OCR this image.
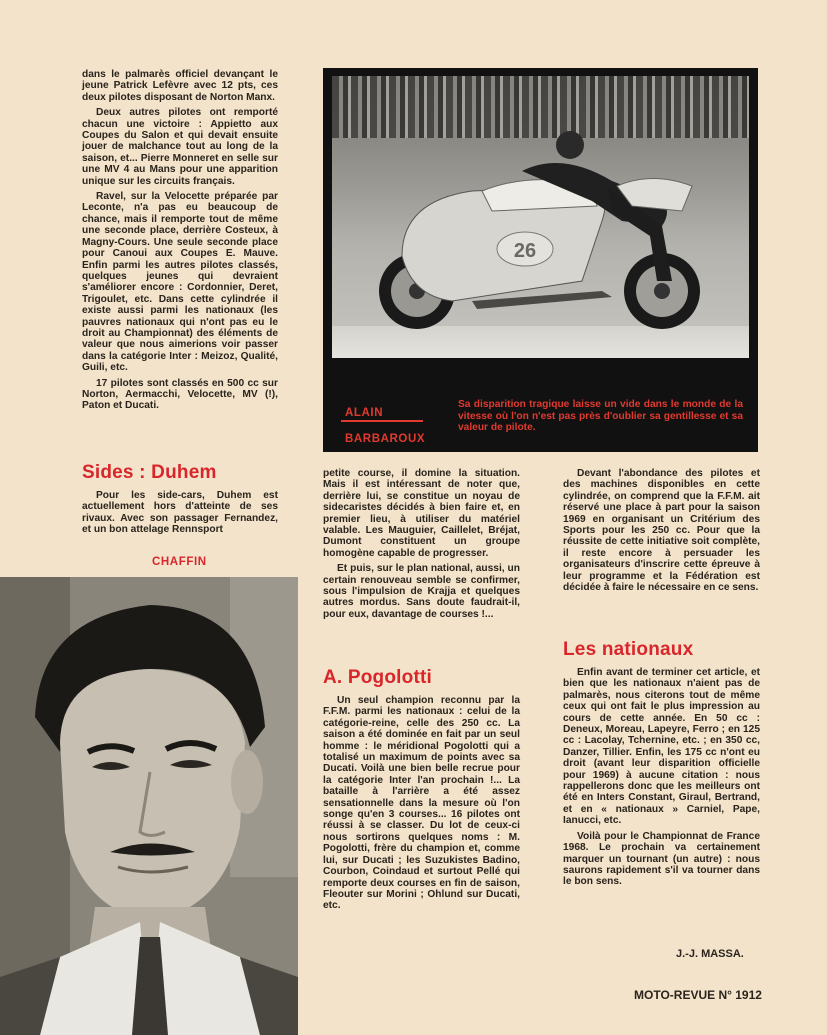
dans le palmarès officiel devançant le jeune Patrick Lefèvre avec 12 pts, ces deux pilotes disposant de Norton Manx.

Deux autres pilotes ont remporté chacun une victoire : Appietto aux Coupes du Salon et qui devait ensuite jouer de malchance tout au long de la saison, et... Pierre Monneret en selle sur une MV 4 au Mans pour une apparition unique sur les circuits français.

Ravel, sur la Velocette préparée par Leconte, n'a pas eu beaucoup de chance, mais il remporte tout de même une seconde place, derrière Costeux, à Magny-Cours. Une seule seconde place pour Canoui aux Coupes E. Mauve. Enfin parmi les autres pilotes classés, quelques jeunes qui devraient s'améliorer encore : Cordonnier, Deret, Trigoulet, etc. Dans cette cylindrée il existe aussi parmi les nationaux (les pauvres nationaux qui n'ont pas eu le droit au Championnat) des éléments de valeur que nous aimerions voir passer dans la catégorie Inter : Meizoz, Qualité, Guili, etc.

17 pilotes sont classés en 500 cc sur Norton, Aermacchi, Velocette, MV (!), Paton et Ducati.

Sides : Duhem

Pour les side-cars, Duhem est actuellement hors d'atteinte de ses rivaux. Avec son passager Fernandez, et un bon attelage Rennsport

CHAFFIN
26
ALAIN
BARBAROUX
Sa disparition tragique laisse un vide dans le monde de la vitesse où l'on n'est pas près d'oublier sa gentillesse et sa valeur de pilote.

petite course, il domine la situation. Mais il est intéressant de noter que, derrière lui, se constitue un noyau de sidecaristes décidés à bien faire et, en premier lieu, à utiliser du matériel valable. Les Mauguier, Caillelet, Bréjat, Dumont constituent un groupe homogène capable de progresser.

Et puis, sur le plan national, aussi, un certain renouveau semble se confirmer, sous l'impulsion de Krajja et quelques autres mordus. Sans doute faudrait-il, pour eux, davantage de courses !...

A. Pogolotti

Un seul champion reconnu par la F.F.M. parmi les nationaux : celui de la catégorie-reine, celle des 250 cc. La saison a été dominée en fait par un seul homme : le méridional Pogolotti qui a totalisé un maximum de points avec sa Ducati. Voilà une bien belle recrue pour la catégorie Inter l'an prochain !... La bataille à l'arrière a été assez sensationnelle dans la mesure où l'on songe qu'en 3 courses... 16 pilotes ont réussi à se classer. Du lot de ceux-ci nous sortirons quelques noms : M. Pogolotti, frère du champion et, comme lui, sur Ducati ; les Suzukistes Badino, Courbon, Coindaud et surtout Pellé qui remporte deux courses en fin de saison, Fleouter sur Morini ; Ohlund sur Ducati, etc.

Devant l'abondance des pilotes et des machines disponibles en cette cylindrée, on comprend que la F.F.M. ait réservé une place à part pour la saison 1969 en organisant un Critérium des Sports pour les 250 cc. Pour que la réussite de cette initiative soit complète, il reste encore à persuader les organisateurs d'inscrire cette épreuve à leur programme et la Fédération est décidée à faire le nécessaire en ce sens.

Les nationaux

Enfin avant de terminer cet article, et bien que les nationaux n'aient pas de palmarès, nous citerons tout de même ceux qui ont fait le plus impression au cours de cette année. En 50 cc : Deneux, Moreau, Lapeyre, Ferro ; en 125 cc : Lacolay, Tchernine, etc. ; en 350 cc, Danzer, Tillier. Enfin, les 175 cc n'ont eu droit (avant leur disparition officielle pour 1969) à aucune citation : nous rappellerons donc que les meilleurs ont été en Inters Constant, Giraul, Bertrand, et en « nationaux » Carniel, Pape, Ianucci, etc.

Voilà pour le Championnat de France 1968. Le prochain va certainement marquer un tournant (un autre) : nous saurons rapidement s'il va tourner dans le bon sens.

J.-J. MASSA.
MOTO-REVUE N° 1912
